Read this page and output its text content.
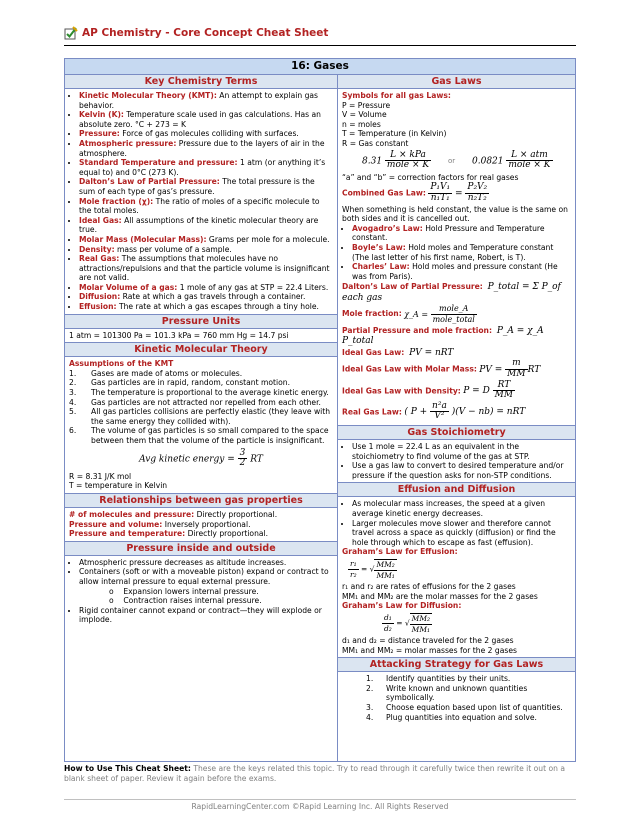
AP Chemistry - Core Concept Cheat Sheet
16: Gases
Key Chemistry Terms
• Kinetic Molecular Theory (KMT): An attempt to explain gas behavior.
• Kelvin (K): Temperature scale used in gas calculations. Has an absolute zero. °C + 273 = K
• Pressure: Force of gas molecules colliding with surfaces.
• Atmospheric pressure: Pressure due to the layers of air in the atmosphere.
• Standard Temperature and pressure: 1 atm (or anything it’s equal to) and 0°C (273 K).
• Dalton’s Law of Partial Pressure: The total pressure is the sum of each type of gas’s pressure.
• Mole fraction (χ): The ratio of moles of a specific molecule to the total moles.
• Ideal Gas: All assumptions of the kinetic molecular theory are true.
• Molar Mass (Molecular Mass): Grams per mole for a molecule.
• Density: mass per volume of a sample.
• Real Gas: The assumptions that molecules have no attractions/repulsions and that the particle volume is insignificant are not valid.
• Molar Volume of a gas: 1 mole of any gas at STP = 22.4 Liters.
• Diffusion: Rate at which a gas travels through a container.
• Effusion: The rate at which a gas escapes through a tiny hole.
Pressure Units
1 atm = 101300 Pa = 101.3 kPa = 760 mm Hg = 14.7 psi
Kinetic Molecular Theory
Assumptions of the KMT
1.	Gases are made of atoms or molecules.
2.	Gas particles are in rapid, random, constant motion.
3.	The temperature is proportional to the average kinetic energy.
4.	Gas particles are not attracted nor repelled from each other.
5.	All gas particles collisions are perfectly elastic (they leave with the same energy they collided with).
6.	The volume of gas particles is so small compared to the space between them that the volume of the particle is insignificant.
Avg kinetic energy = $\frac{3}{2}$ RT
R = 8.31 J/K mol
T = temperature in Kelvin
Relationships between gas properties
# of molecules and pressure: Directly proportional.
Pressure and volume: Inversely proportional.
Pressure and temperature: Directly proportional.
Pressure inside and outside
• Atmospheric pressure decreases as altitude increases.
• Containers (soft or with a moveable piston) expand or contract to allow internal pressure to equal external pressure.
o Expansion lowers internal pressure.
o Contraction raises internal pressure.
• Rigid container cannot expand or contract—they will explode or implode.
Gas Laws
Symbols for all gas Laws:
P = Pressure
V = Volume
n = moles
T = Temperature (in Kelvin)
R = Gas constant
8.31
L × kPa
mole × K	or 0.0821
L × atm
mole × K
“a” and “b” = correction factors for real gases
Combined Gas Law: $\frac{\text{P₁V₁}}{\text{n₁T₁}} = \frac{\text{P₂V₂}}{\text{n₂T₂}}$
When something is held constant, the value is the same on both sides and it is cancelled out.
• Avogadro’s Law: Hold Pressure and Temperature constant.
• Boyle’s Law: Hold moles and Temperature constant (The last letter of his first name, Robert, is T).
• Charles’ Law: Hold moles and pressure constant (He was from Paris).
Dalton’s Law of Partial Pressure: P_total = Σ P_of each gas
Mole fraction: χ_A =
mole_A
mole_total
Partial Pressure and mole fraction: P_A = χ_A P_total
Ideal Gas Law: PV = nRT
Ideal Gas Law with Molar Mass: PV = $\frac{m}{MM}$ RT
Ideal Gas Law with Density: P = D $\frac{RT}{MM}$
Real Gas Law: ( $P + \frac{\text{n²a}}{\text{V²}} )(V - nb)$ = nRT
Gas Stoichiometry
• Use 1 mole = 22.4 L as an equivalent in the stoichiometry to find volume of the gas at STP.
• Use a gas law to convert to desired temperature and/or pressure if the question asks for non-STP conditions.
Effusion and Diffusion
• As molecular mass increases, the speed at a given average kinetic energy decreases.
• Larger molecules move slower and therefore cannot travel across a space as quickly (diffusion) or find the hole through which to escape as fast (effusion).
Graham’s Law for Effusion:
$\frac{\text{r₁}}{\text{r₂}}$ = √ $\frac{\text{MM₂}}{\text{MM₁}}$
r₁ and r₂ are rates of effusions for the 2 gases
MM₁ and MM₂ are the molar masses for the 2 gases
Graham’s Law for Diffusion:
$\frac{\text{d₁}}{\text{d₂}}$ = √ $\frac{\text{MM₂}}{\text{MM₁}}$
d₁ and d₂ = distance traveled for the 2 gases
MM₁ and MM₂ = molar masses for the 2 gases
Attacking Strategy for Gas Laws
1.	Identify quantities by their units.
2.	Write known and unknown quantities symbolically.
3.	Choose equation based upon list of quantities.
4.	Plug quantities into equation and solve.
How to Use This Cheat Sheet: These are the keys related this topic. Try to read through it carefully twice then rewrite it out on a blank sheet of paper. Review it again before the exams.
RapidLearningCenter.com ©Rapid Learning Inc. All Rights Reserved
